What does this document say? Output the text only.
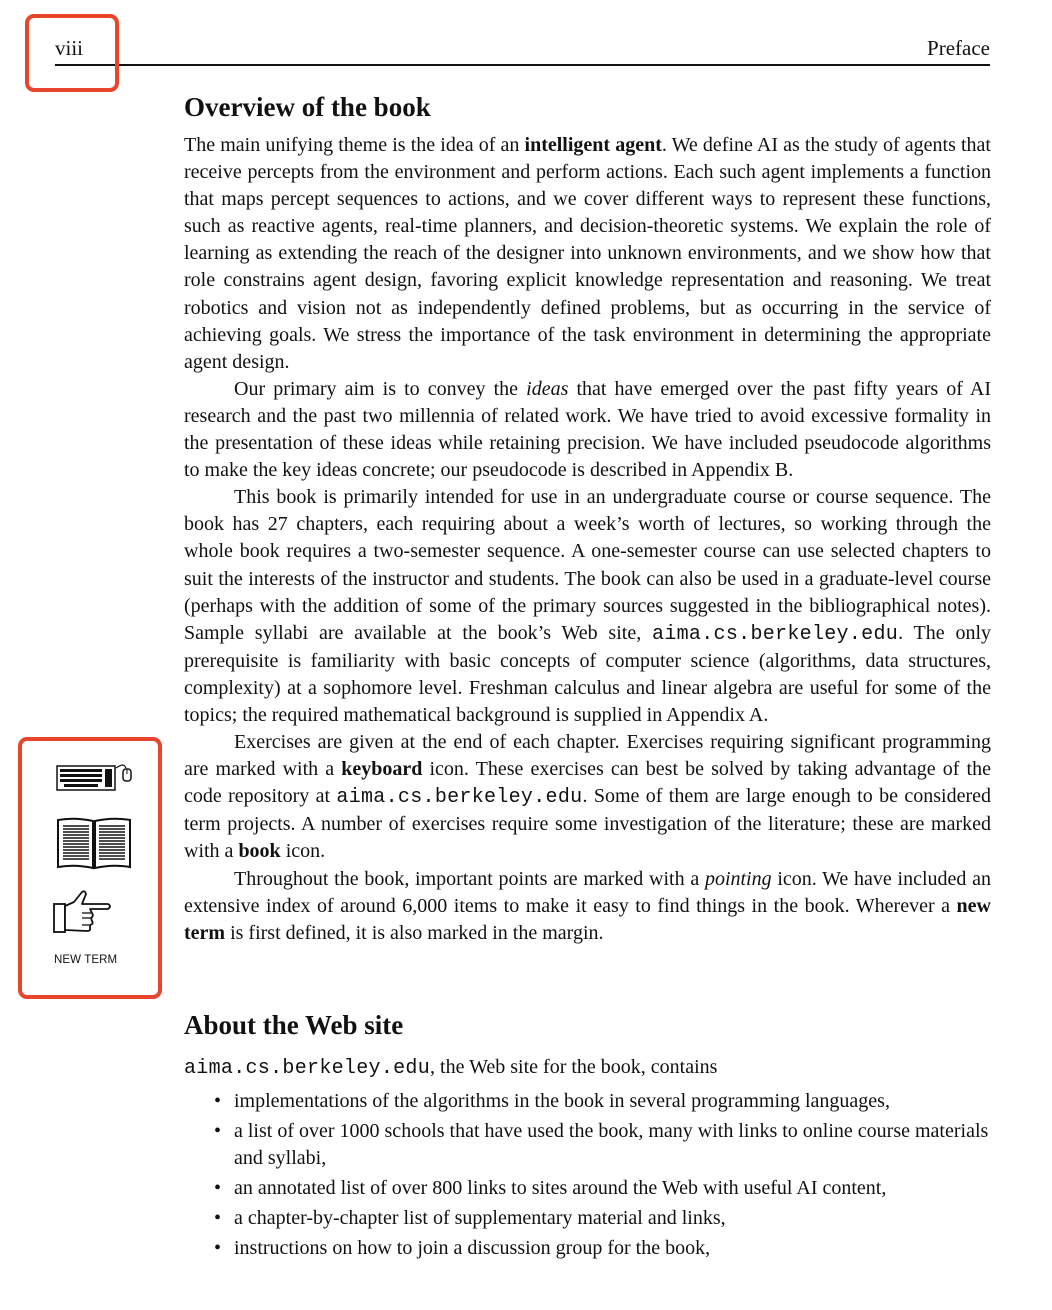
viii	Preface
Overview of the book

The main unifying theme is the idea of an intelligent agent. We define AI as the study of agents that receive percepts from the environment and perform actions. Each such agent implements a function that maps percept sequences to actions, and we cover different ways to represent these functions, such as reactive agents, real-time planners, and decision-theoretic systems. We explain the role of learning as extending the reach of the designer into unknown environments, and we show how that role constrains agent design, favoring explicit knowledge representation and reasoning. We treat robotics and vision not as independently defined problems, but as occurring in the service of achieving goals. We stress the importance of the task environment in determining the appropriate agent design.

Our primary aim is to convey the ideas that have emerged over the past fifty years of AI research and the past two millennia of related work. We have tried to avoid excessive formality in the presentation of these ideas while retaining precision. We have included pseudocode algorithms to make the key ideas concrete; our pseudocode is described in Appendix B.

This book is primarily intended for use in an undergraduate course or course sequence. The book has 27 chapters, each requiring about a week’s worth of lectures, so working through the whole book requires a two-semester sequence. A one-semester course can use selected chapters to suit the interests of the instructor and students. The book can also be used in a graduate-level course (perhaps with the addition of some of the primary sources suggested in the bibliographical notes). Sample syllabi are available at the book’s Web site, aima.cs.berkeley.edu. The only prerequisite is familiarity with basic concepts of computer science (algorithms, data structures, complexity) at a sophomore level. Freshman calculus and linear algebra are useful for some of the topics; the required mathematical background is supplied in Appendix A.

Exercises are given at the end of each chapter. Exercises requiring significant programming are marked with a keyboard icon. These exercises can best be solved by taking advantage of the code repository at aima.cs.berkeley.edu. Some of them are large enough to be considered term projects. A number of exercises require some investigation of the literature; these are marked with a book icon.

Throughout the book, important points are marked with a pointing icon. We have included an extensive index of around 6,000 items to make it easy to find things in the book. Wherever a new term is first defined, it is also marked in the margin.

NEW TERM
About the Web site

aima.cs.berkeley.edu, the Web site for the book, contains

• implementations of the algorithms in the book in several programming languages,
• a list of over 1000 schools that have used the book, many with links to online course materials and syllabi,
• an annotated list of over 800 links to sites around the Web with useful AI content,
• a chapter-by-chapter list of supplementary material and links,
• instructions on how to join a discussion group for the book,
